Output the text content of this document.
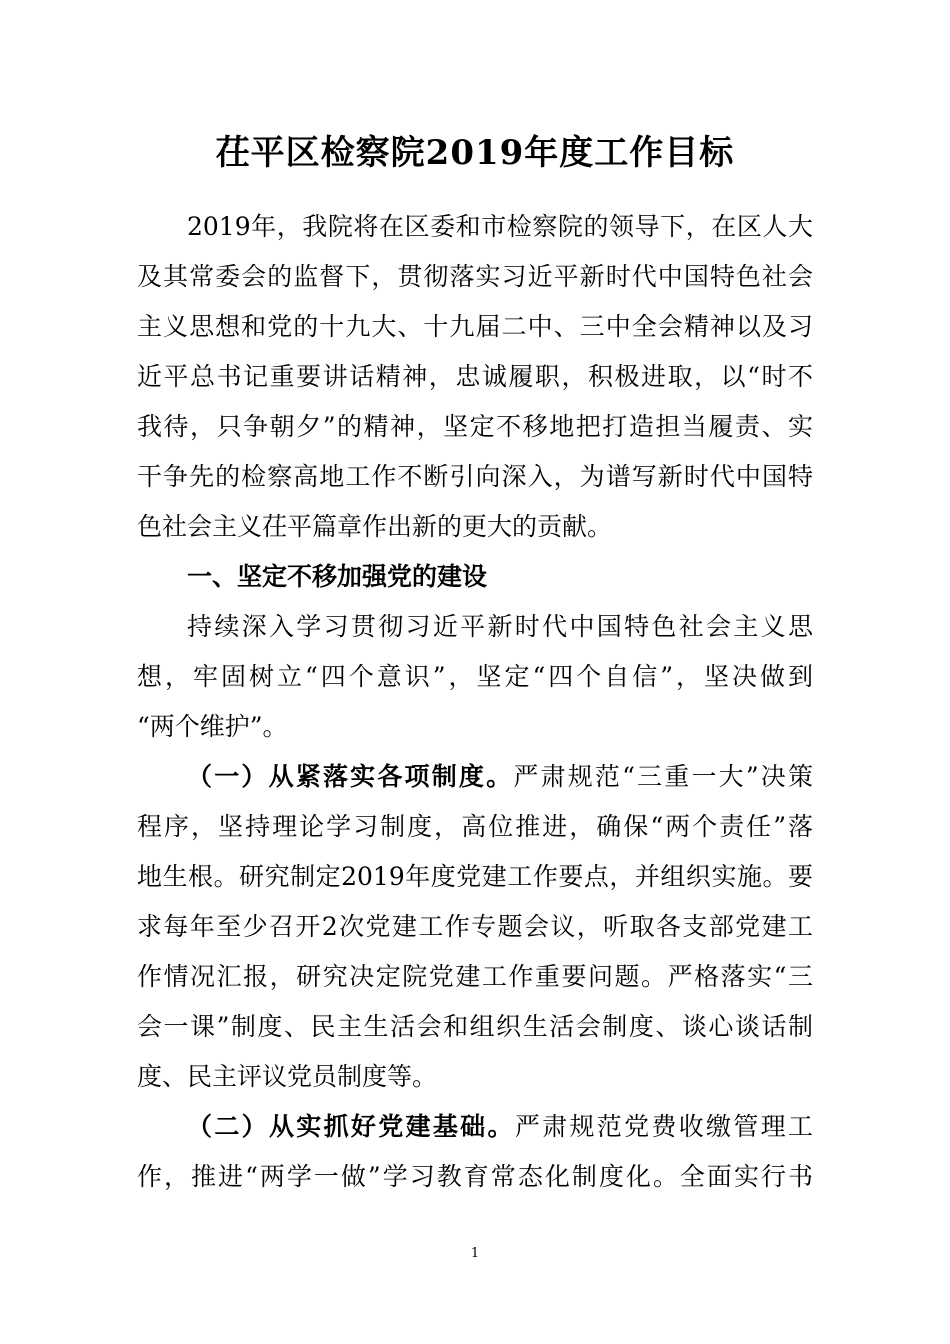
茌平区检察院2019年度工作目标
2019年，我院将在区委和市检察院的领导下，在区人大
及其常委会的监督下，贯彻落实习近平新时代中国特色社会
主义思想和党的十九大、十九届二中、三中全会精神以及习
近平总书记重要讲话精神，忠诚履职，积极进取，以“时不
我待，只争朝夕”的精神，坚定不移地把打造担当履责、实
干争先的检察高地工作不断引向深入，为谱写新时代中国特
色社会主义茌平篇章作出新的更大的贡献。
一、坚定不移加强党的建设
持续深入学习贯彻习近平新时代中国特色社会主义思
想，牢固树立“四个意识”，坚定“四个自信”，坚决做到
“两个维护”。
（一）从紧落实各项制度。严肃规范“三重一大”决策
程序，坚持理论学习制度，高位推进，确保“两个责任”落
地生根。研究制定2019年度党建工作要点，并组织实施。要
求每年至少召开2次党建工作专题会议，听取各支部党建工
作情况汇报，研究决定院党建工作重要问题。严格落实“三
会一课”制度、民主生活会和组织生活会制度、谈心谈话制
度、民主评议党员制度等。
（二）从实抓好党建基础。严肃规范党费收缴管理工
作，推进“两学一做”学习教育常态化制度化。全面实行书
1
